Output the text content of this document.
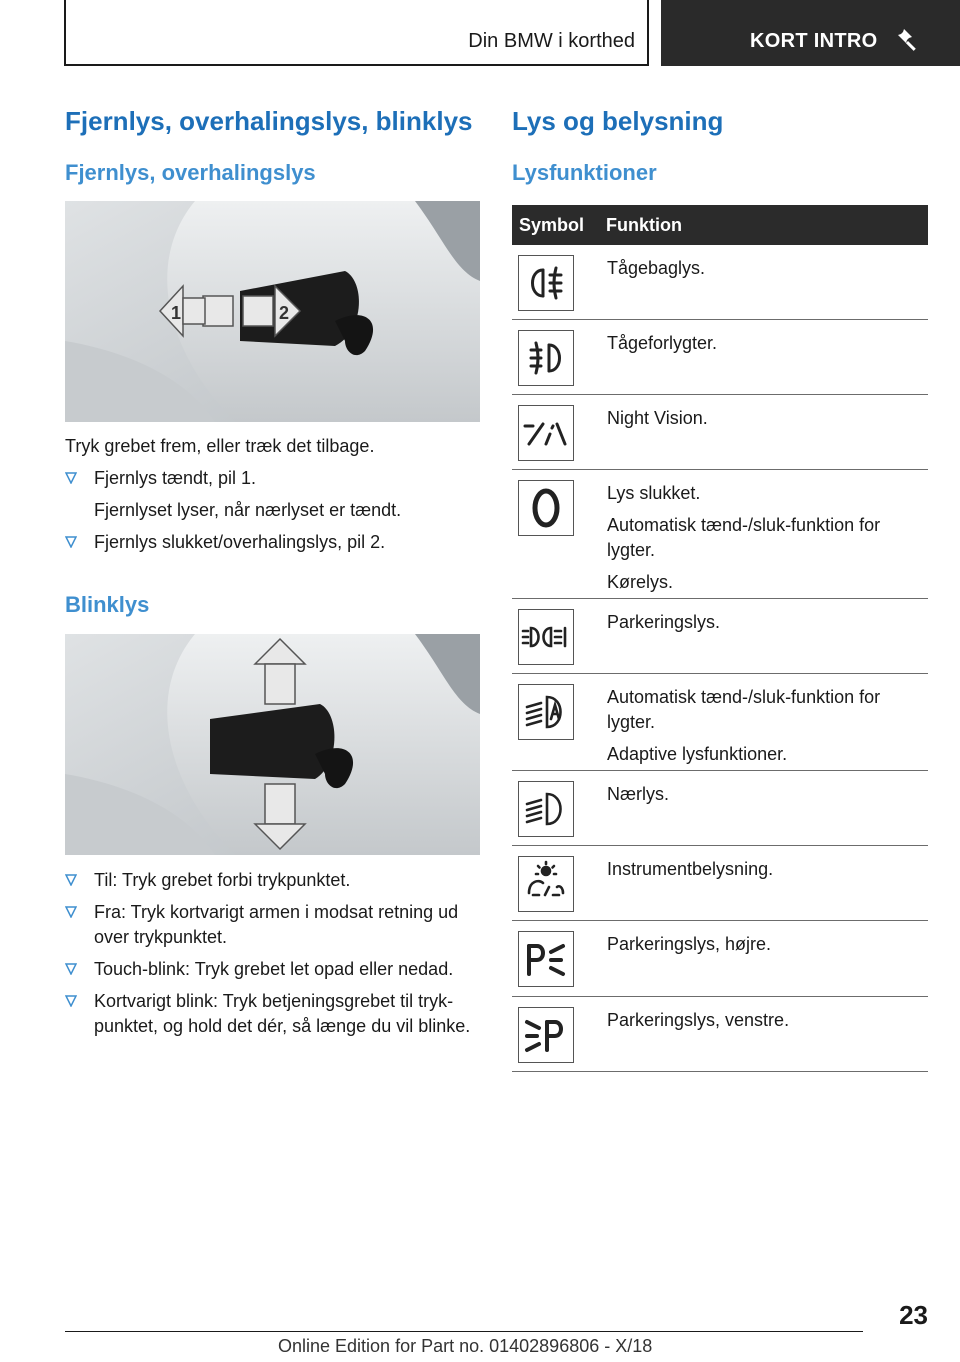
Din BMW i korthed	KORT INTRO
Fjernlys, overhalingslys, blinklys
Fjernlys, overhalingslys
1	2
Tryk grebet frem, eller træk det tilbage.
Fjernlys tændt, pil 1.
Fjernlyset lyser, når nærlyset er tændt.
Fjernlys slukket/overhalingslys, pil 2.
Blinklys
Til: Tryk grebet forbi trykpunktet.
Fra: Tryk kortvarigt armen i modsat retning ud over trykpunktet.
Touch-blink: Tryk grebet let opad eller nedad.
Kortvarigt blink: Tryk betjeningsgrebet til tryk-punktet, og hold det dér, så længe du vil blinke.
Lys og belysning
Lysfunktioner
Symbol Funktion

Tågebaglys.

Tågeforlygter.

Night Vision.

Lys slukket.

Automatisk tænd-/sluk-funktion for lygter.

Kørelys.

Parkeringslys.

Automatisk tænd-/sluk-funktion for lygter.

Adaptive lysfunktioner.

Nærlys.

Instrumentbelysning.

Parkeringslys, højre.

Parkeringslys, venstre.

23
Online Edition for Part no. 01402896806 - X/18
